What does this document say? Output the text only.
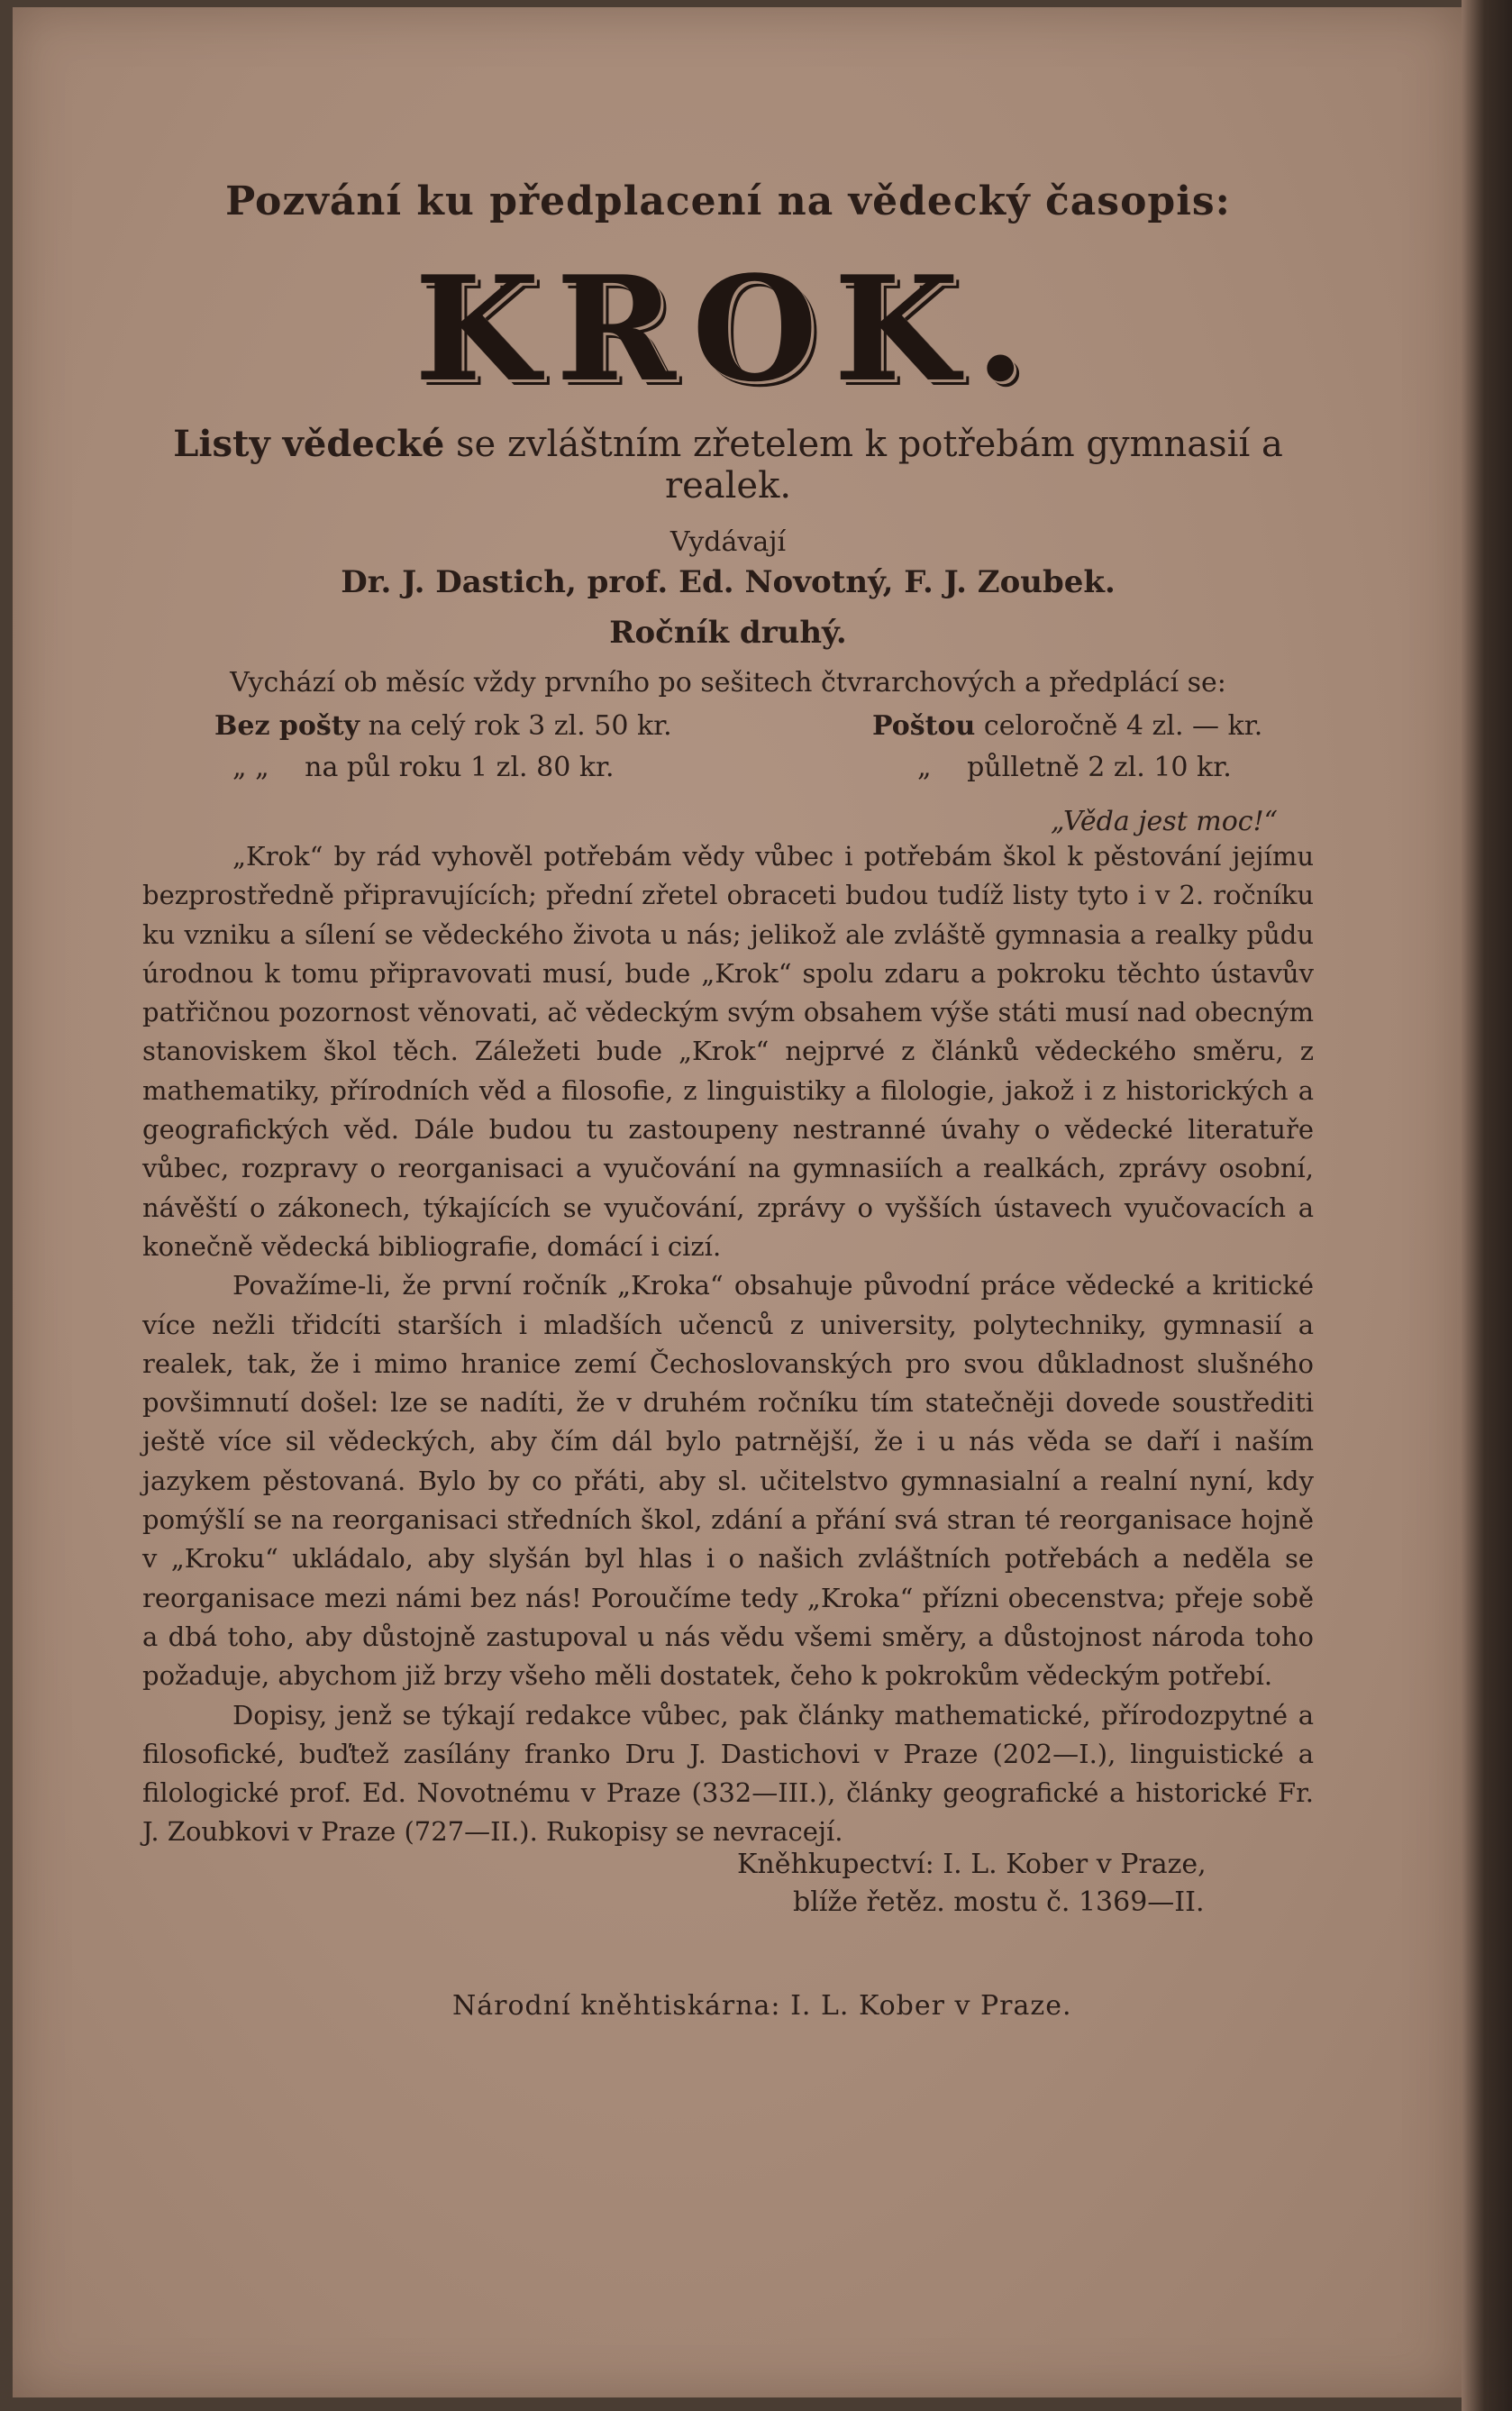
Pozvání ku předplacení na vědecký časopis:
KROK.
Listy vědecké se zvláštním zřetelem k potřebám gymnasií a realek.
Vydávají
Dr. J. Dastich, prof. Ed. Novotný, F. J. Zoubek.
Ročník druhý.
Vychází ob měsíc vždy prvního po sešitech čtvrarchových a předplácí se:
Bez pošty na celý rok 3 zl. 50 kr.	Poštou celoročně 4 zl. — kr.
„ „ na půl roku 1 zl. 80 kr.	„ půlletně 2 zl. 10 kr.
„Věda jest moc!“

„Krok“ by rád vyhověl potřebám vědy vůbec i potřebám škol k pěstování jejímu bezprostředně připravujících; přední zřetel obraceti budou tudíž listy tyto i v 2. ročníku ku vzniku a sílení se vědeckého života u nás; jelikož ale zvláště gymnasia a realky půdu úrodnou k tomu připravovati musí, bude „Krok“ spolu zdaru a pokroku těchto ústavův patřičnou pozornost věnovati, ač vědeckým svým obsahem výše státi musí nad obecným stanoviskem škol těch. Záležeti bude „Krok“ nejprvé z článků vědeckého směru, z mathematiky, přírodních věd a filosofie, z linguistiky a filologie, jakož i z historických a geografických věd. Dále budou tu zastoupeny nestranné úvahy o vědecké literatuře vůbec, rozpravy o reorganisaci a vyučování na gymnasiích a realkách, zprávy osobní, návěští o zákonech, týkajících se vyučování, zprávy o vyšších ústavech vyučovacích a konečně vědecká bibliografie, domácí i cizí.

Považíme-li, že první ročník „Kroka“ obsahuje původní práce vědecké a kritické více nežli třidcíti starších i mladších učenců z university, polytechniky, gymnasií a realek, tak, že i mimo hranice zemí Čechoslovanských pro svou důkladnost slušného povšimnutí došel: lze se nadíti, že v druhém ročníku tím statečněji dovede soustřediti ještě více sil vědeckých, aby čím dál bylo patrnější, že i u nás věda se daří i naším jazykem pěstovaná. Bylo by co přáti, aby sl. učitelstvo gymnasialní a realní nyní, kdy pomýšlí se na reorganisaci středních škol, zdání a přání svá stran té reorganisace hojně v „Kroku“ ukládalo, aby slyšán byl hlas i o našich zvláštních potřebách a neděla se reorganisace mezi námi bez nás! Poroučíme tedy „Kroka“ přízni obecenstva; přeje sobě a dbá toho, aby důstojně zastupoval u nás vědu všemi směry, a důstojnost národa toho požaduje, abychom již brzy všeho měli dostatek, čeho k pokrokům vědeckým potřebí.

Dopisy, jenž se týkají redakce vůbec, pak články mathematické, přírodozpytné a filosofické, buďtež zasílány franko Dru J. Dastichovi v Praze (202—I.), linguistické a filologické prof. Ed. Novotnému v Praze (332—III.), články geografické a historické Fr. J. Zoubkovi v Praze (727—II.). Rukopisy se nevracejí.

Kněhkupectví: I. L. Kober v Praze,
blíže řetěz. mostu č. 1369—II.
Národní kněhtiskárna: I. L. Kober v Praze.
